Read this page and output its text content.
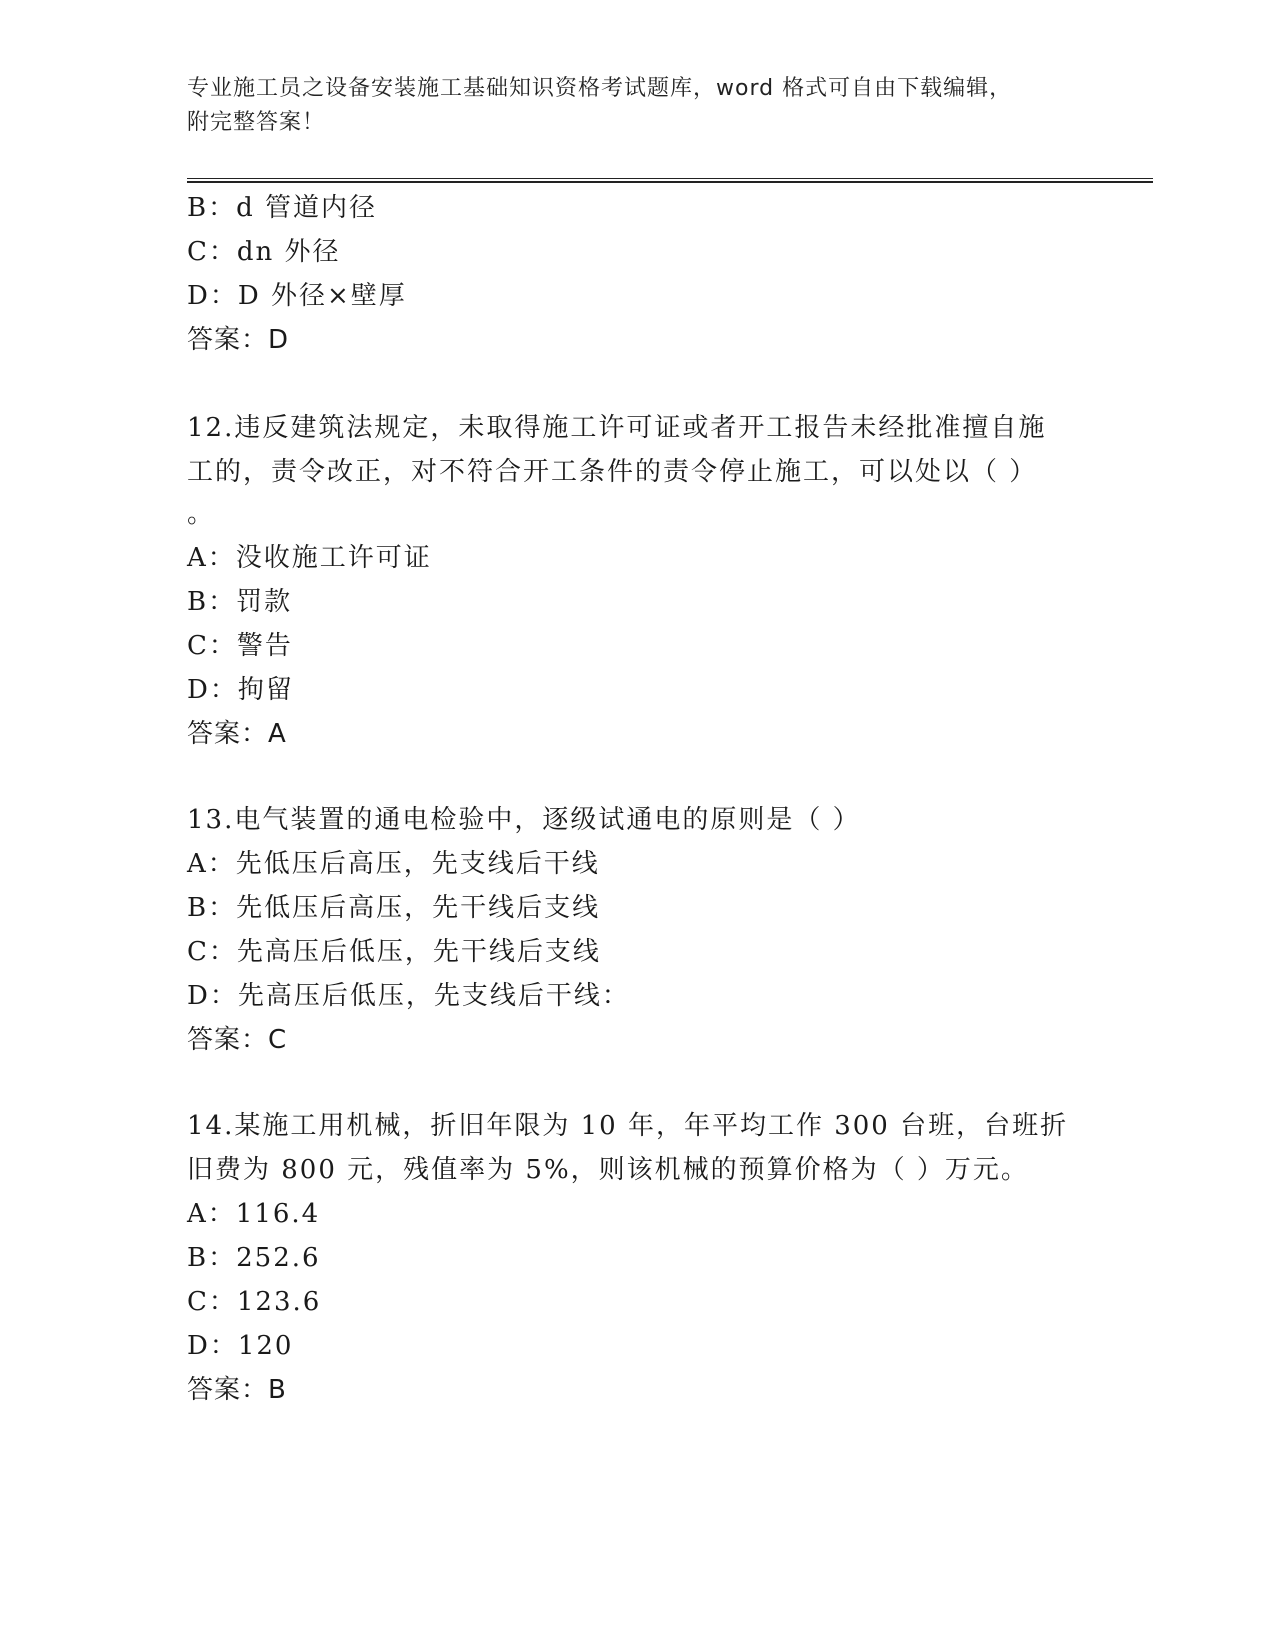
专业施工员之设备安装施工基础知识资格考试题库，word 格式可自由下载编辑，
附完整答案！
B：d 管道内径
C：dn 外径
D：D 外径×壁厚
答案：D
12.违反建筑法规定，未取得施工许可证或者开工报告未经批准擅自施
工的，责令改正，对不符合开工条件的责令停止施工，可以处以（ ）
。
A：没收施工许可证
B：罚款
C：警告
D：拘留
答案：A
13.电气装置的通电检验中，逐级试通电的原则是（ ）
A：先低压后高压，先支线后干线
B：先低压后高压，先干线后支线
C：先高压后低压，先干线后支线
D：先高压后低压，先支线后干线：
答案：C
14.某施工用机械，折旧年限为 10 年，年平均工作 300 台班，台班折
旧费为 800 元，残值率为 5%，则该机械的预算价格为（ ）万元。
A：116.4
B：252.6
C：123.6
D：120
答案：B
